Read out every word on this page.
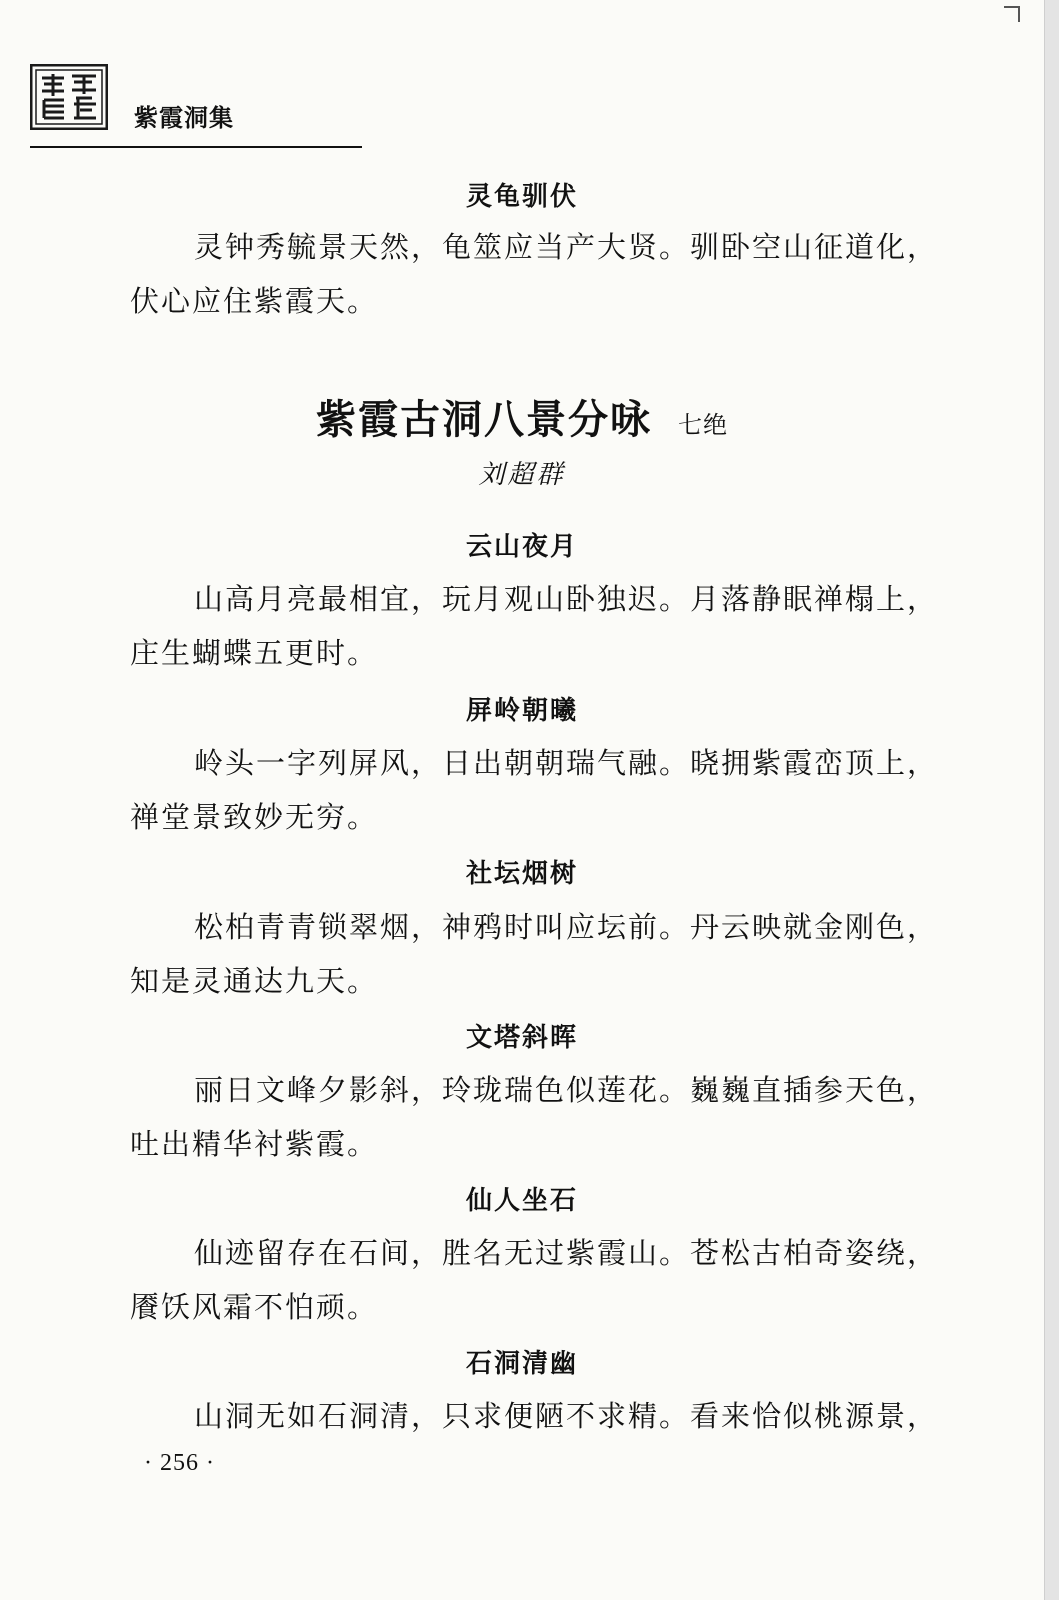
紫霞洞集
灵龟驯伏

灵钟秀毓景天然，龟筮应当产大贤。驯卧空山征道化，伏心应住紫霞天。

紫霞古洞八景分咏 七绝

刘超群

云山夜月

山高月亮最相宜，玩月观山卧独迟。月落静眠禅榻上，庄生蝴蝶五更时。

屏岭朝曦

岭头一字列屏风，日出朝朝瑞气融。晓拥紫霞峦顶上，禅堂景致妙无穷。

社坛烟树

松柏青青锁翠烟，神鸦时叫应坛前。丹云映就金刚色，知是灵通达九天。

文塔斜晖

丽日文峰夕影斜，玲珑瑞色似莲花。巍巍直插参天色，吐出精华衬紫霞。

仙人坐石

仙迹留存在石间，胜名无过紫霞山。苍松古柏奇姿绕，餍饫风霜不怕顽。

石洞清幽

山洞无如石洞清，只求便陋不求精。看来恰似桃源景，

· 256 ·
